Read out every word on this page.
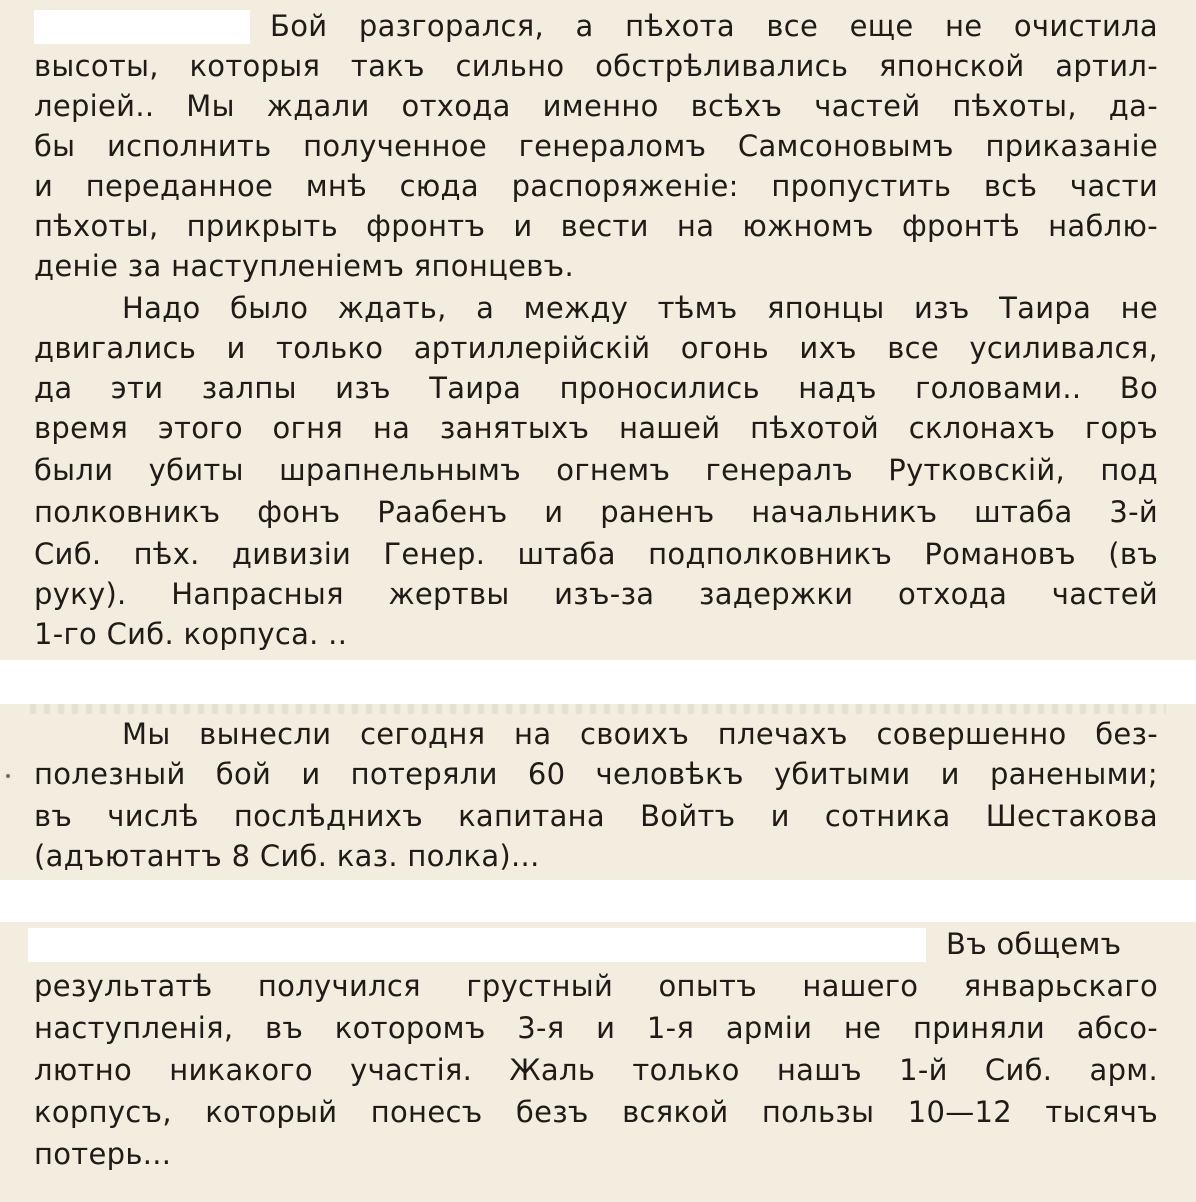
Бой разгорался, а пѣхота все еще не очистила
высоты, которыя такъ сильно обстрѣливались японской артил-
лерiей.. Мы ждали отхода именно всѣхъ частей пѣхоты, да-
бы исполнить полученное генераломъ Самсоновымъ приказанiе
и переданное мнѣ сюда распоряженiе: пропустить всѣ части
пѣхоты, прикрыть фронтъ и вести на южномъ фронтѣ наблю-
денiе за наступленiемъ японцевъ.
Надо было ждать, а между тѣмъ японцы изъ Таира не
двигались и только артиллерiйскiй огонь ихъ все усиливался,
да эти залпы изъ Таира проносились надъ головами.. Во
время этого огня на занятыхъ нашей пѣхотой склонахъ горъ
были убиты шрапнельнымъ огнемъ генералъ Рутковскiй, под
полковникъ фонъ Раабенъ и раненъ начальникъ штаба 3-й
Сиб. пѣх. дивизiи Генер. штаба подполковникъ Романовъ (въ
руку). Напрасныя жертвы изъ-за задержки отхода частей
1-го Сиб. корпуса. ..
Мы вынесли сегодня на своихъ плечахъ совершенно без-
полезный бой и потеряли 60 человѣкъ убитыми и ранеными;
въ числѣ послѣднихъ капитана Войтъ и сотника Шестакова
(адъютантъ 8 Сиб. каз. полка)...
Въ общемъ
результатѣ получился грустный опытъ нашего январьскаго
наступленiя, въ которомъ 3-я и 1-я армiи не приняли абсо-
лютно никакого участiя. Жаль только нашъ 1-й Сиб. арм.
корпусъ, который понесъ безъ всякой пользы 10—12 тысячъ
потерь...
